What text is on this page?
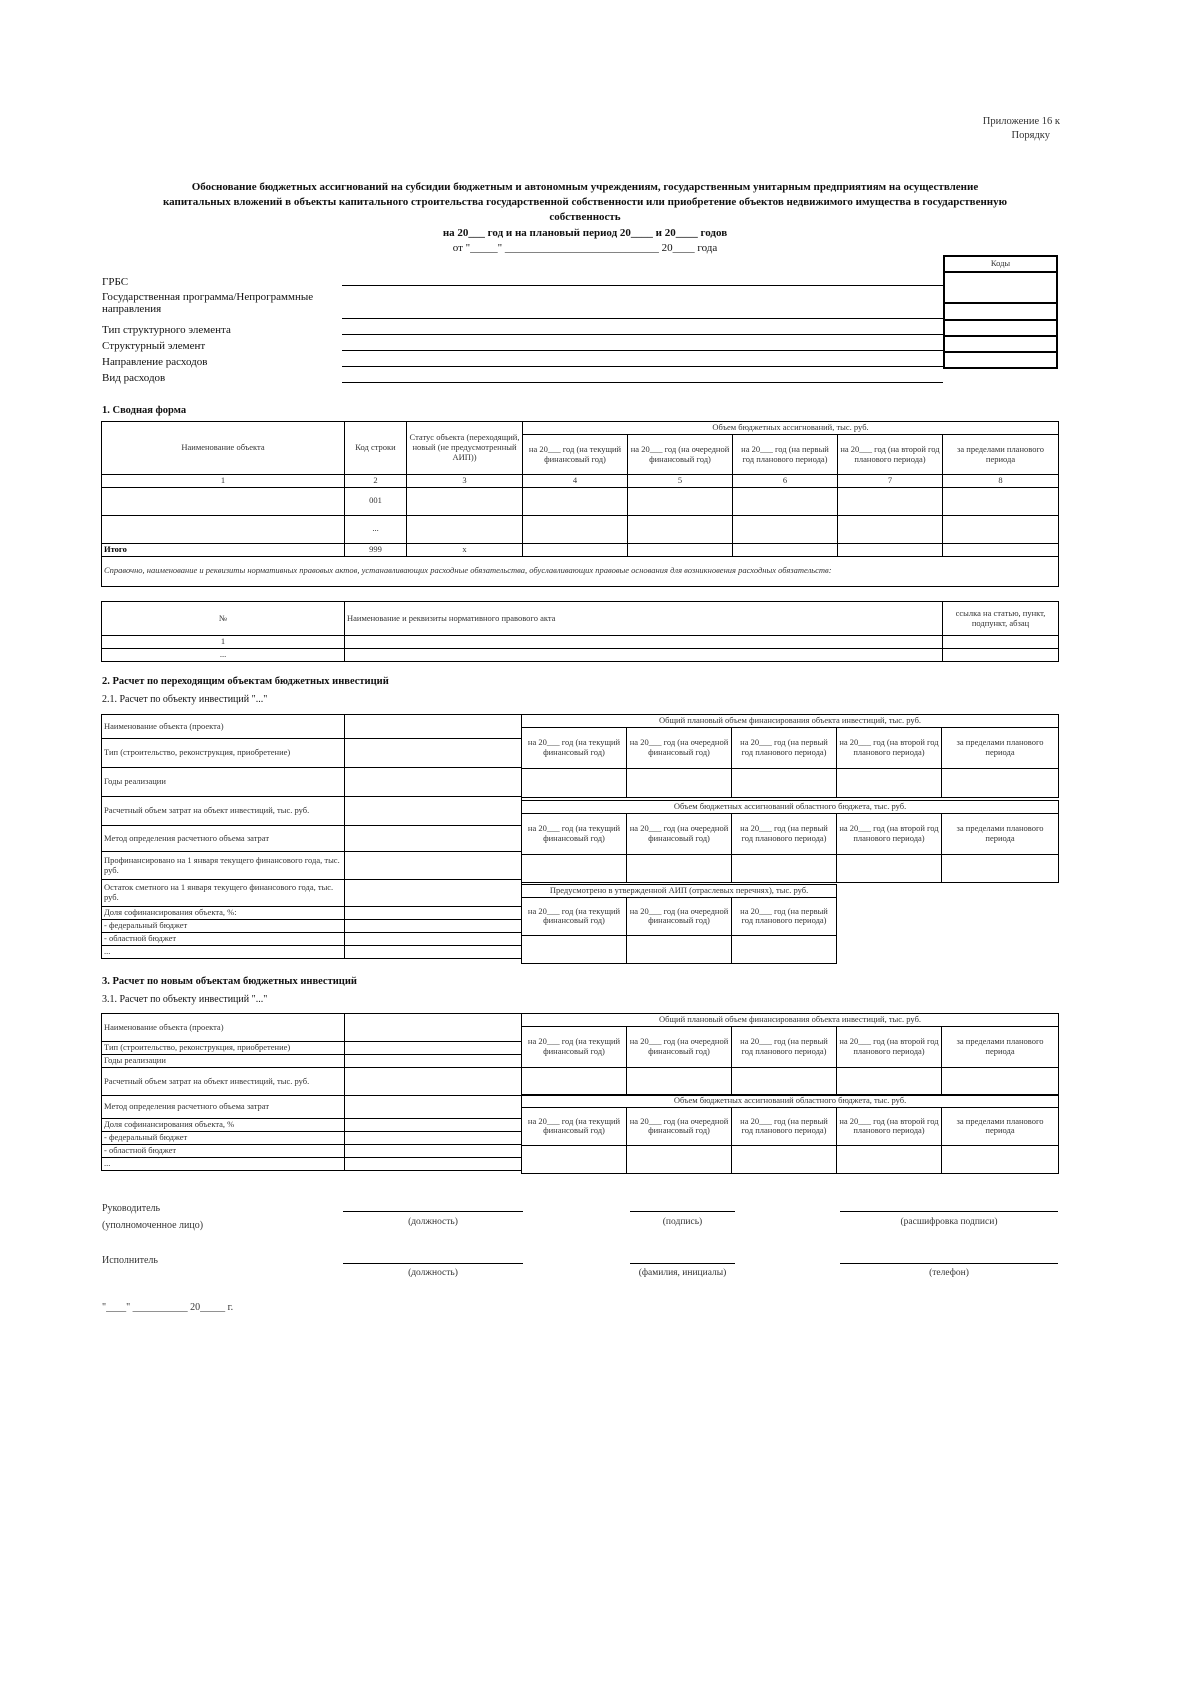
Приложение 16 к
Порядку
Обоснование бюджетных ассигнований на субсидии бюджетным и автономным учреждениям, государственным унитарным предприятиям на осуществление
капитальных вложений в объекты капитального строительства государственной собственности или приобретение объектов недвижимого имущества в государственную
собственность
на 20___ год и на плановый период 20____ и 20____ годов
от "_____" ____________________________ 20____ года
ГРБС
Государственная программа/Непрограммные направления
Тип структурного элемента
Структурный элемент
Направление расходов
Вид расходов
Коды

1. Сводная форма
Наименование объекта	Код строки	Статус объекта (переходящий, новый (не предусмотренный АИП))	Объем бюджетных ассигнований, тыс. руб.				
			на 20___ год (на текущий финансовый год)	на 20___ год (на очередной финансовый год)	на 20___ год (на первый год планового периода)	на 20___ год (на второй год планового периода)	за пределами планового периода
1	2	3	4	5	6	7	8
	001						
	...						
Итого	999	х					
Справочно, наименование и реквизиты нормативных правовых актов, устанавливающих расходные обязательства, обуславливающих правовые основания для возникновения расходных обязательств:							
№	Наименование и реквизиты нормативного правового акта	ссылка на статью, пункт, подпункт, абзац
1		
...		
2. Расчет по переходящим объектам бюджетных инвестиций
2.1. Расчет по объекту инвестиций "..."
Наименование объекта (проекта)	
Тип (строительство, реконструкция, приобретение)	
Годы реализации	
Расчетный объем затрат на объект инвестиций, тыс. руб.	
Метод определения расчетного объема затрат	
Профинансировано на 1 января текущего финансового года, тыс. руб.	
Остаток сметного на 1 января текущего финансового года, тыс. руб.	
Доля софинансирования объекта, %:	
- федеральный бюджет	
- областной бюджет	
...	
Общий плановый объем финансирования объекта инвестиций, тыс. руб.				
на 20___ год (на текущий финансовый год)	на 20___ год (на очередной финансовый год)	на 20___ год (на первый год планового периода)	на 20___ год (на второй год планового периода)	за пределами планового периода

Объем бюджетных ассигнований областного бюджета, тыс. руб.				
на 20___ год (на текущий финансовый год)	на 20___ год (на очередной финансовый год)	на 20___ год (на первый год планового периода)	на 20___ год (на второй год планового периода)	за пределами планового периода

Предусмотрено в утвержденной АИП (отраслевых перечнях), тыс. руб.		
на 20___ год (на текущий финансовый год)	на 20___ год (на очередной финансовый год)	на 20___ год (на первый год планового периода)

3. Расчет по новым объектам бюджетных инвестиций
3.1. Расчет по объекту инвестиций "..."
Наименование объекта (проекта)	
Тип (строительство, реконструкция, приобретение)	
Годы реализации	
Расчетный объем затрат на объект инвестиций, тыс. руб.	
Метод определения расчетного объема затрат	
Доля софинансирования объекта, %	
- федеральный бюджет	
- областной бюджет	
...	
Общий плановый объем финансирования объекта инвестиций, тыс. руб.				
на 20___ год (на текущий финансовый год)	на 20___ год (на очередной финансовый год)	на 20___ год (на первый год планового периода)	на 20___ год (на второй год планового периода)	за пределами планового периода

Объем бюджетных ассигнований областного бюджета, тыс. руб.				
на 20___ год (на текущий финансовый год)	на 20___ год (на очередной финансовый год)	на 20___ год (на первый год планового периода)	на 20___ год (на второй год планового периода)	за пределами планового периода

Руководитель
(уполномоченное лицо)	(должность)	(подпись)	(расшифровка подписи)
Исполнитель
(должность)	(фамилия, инициалы)	(телефон)
"____" ___________ 20_____ г.
